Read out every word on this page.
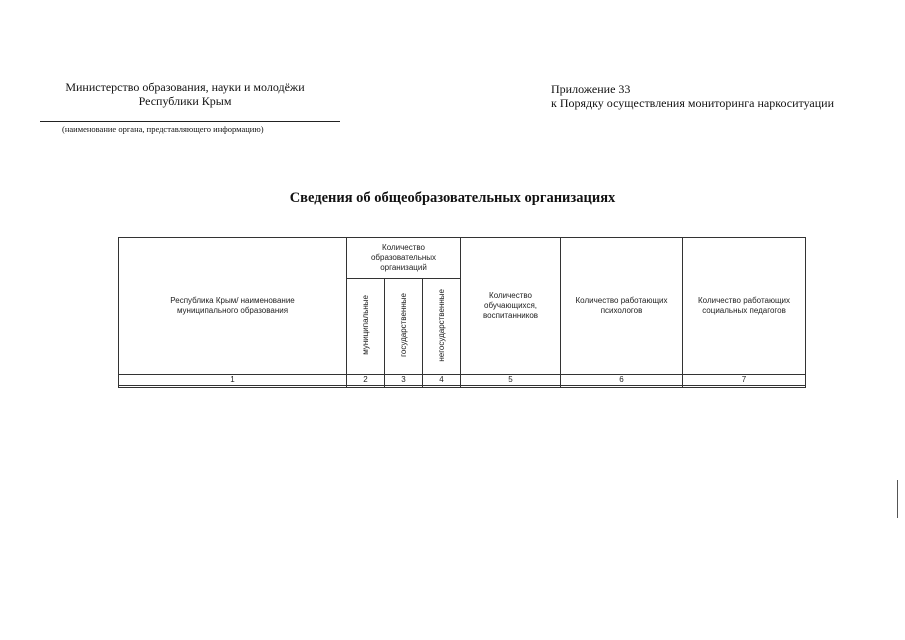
Министерство образования, науки и молодёжи
Республики Крым
(наименование органа, представляющего информацию)
Приложение 33
к Порядку осуществления мониторинга наркоситуации
Сведения об общеобразовательных организациях
Республика Крым/ наименование муниципального образования	Количество образовательных организаций			Количество обучающихся, воспитанников	Количество работающих психологов	Количество работающих социальных педагогов
	муниципальные	государственные	негосударственные			
1	2	3	4	5	6	7
